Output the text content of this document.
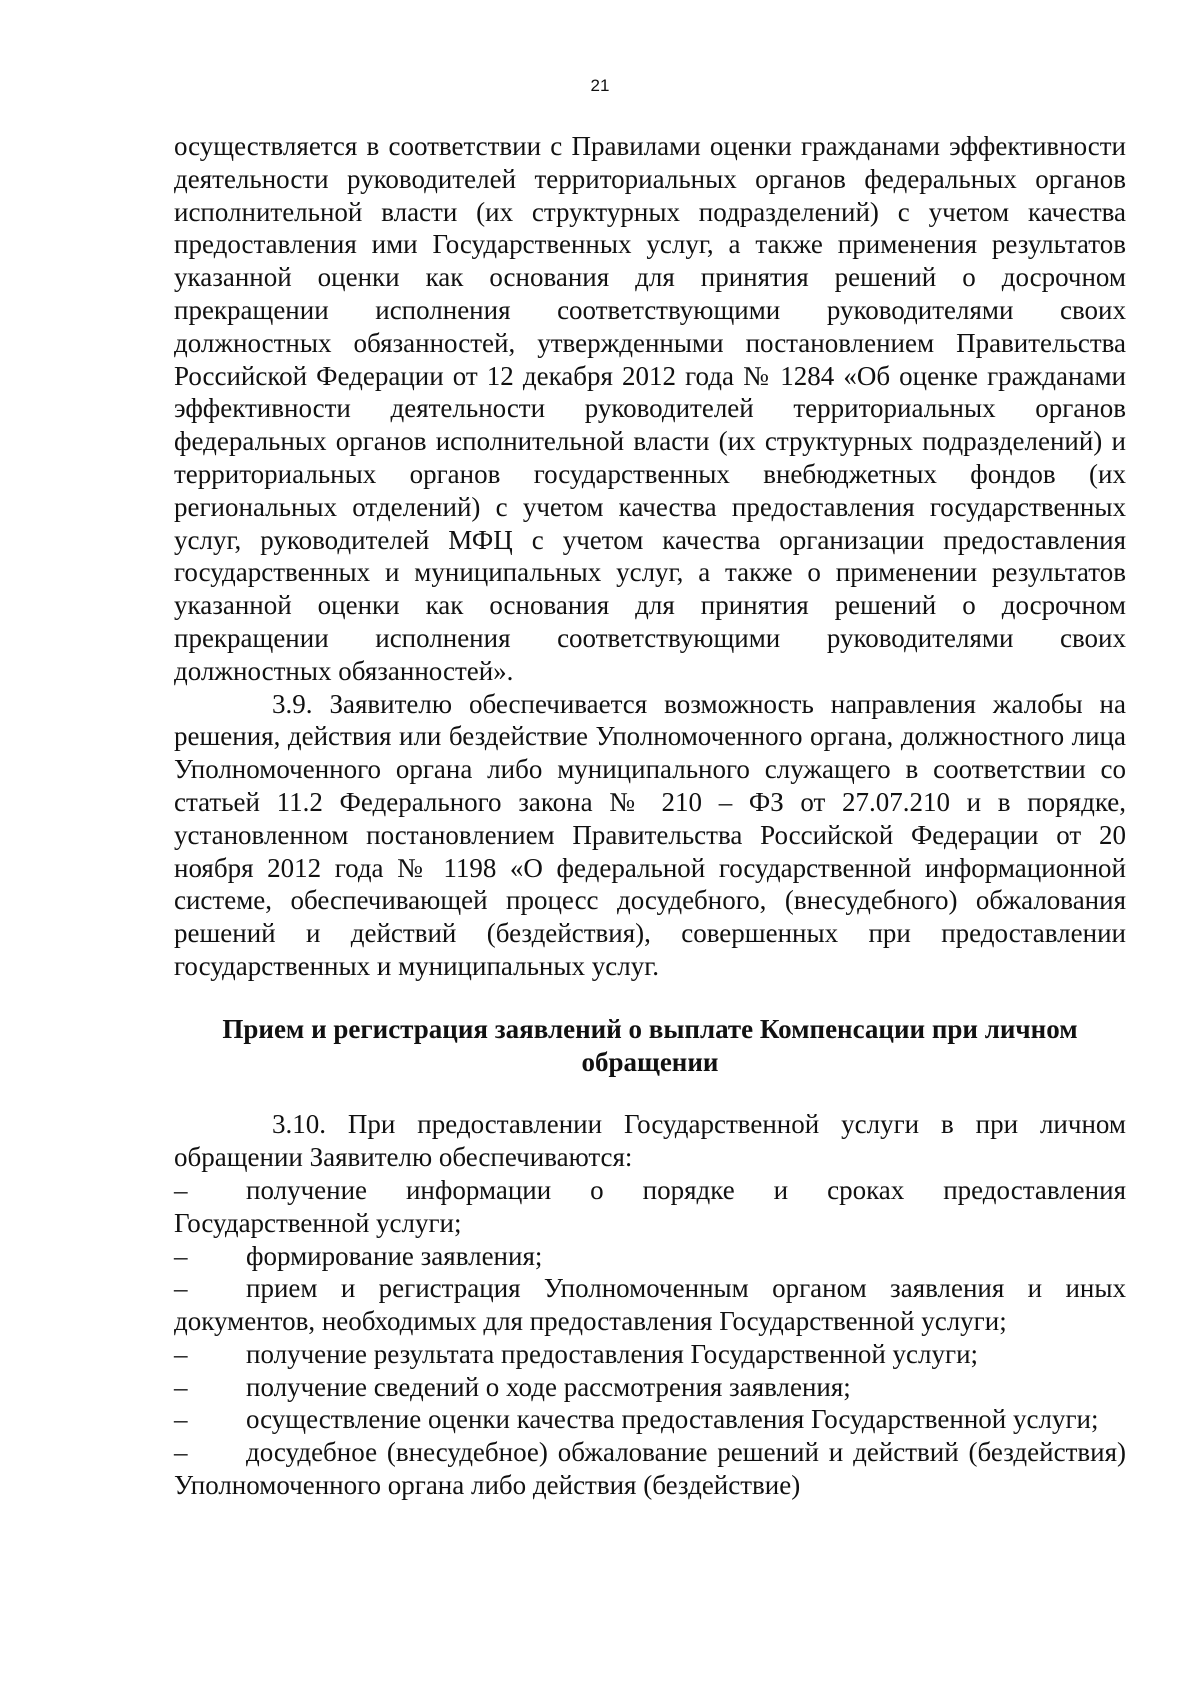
21

осуществляется в соответствии с Правилами оценки гражданами эффективности деятельности руководителей территориальных органов федеральных органов исполнительной власти (их структурных подразделений) с учетом качества предоставления ими Государственных услуг, а также применения результатов указанной оценки как основания для принятия решений о досрочном прекращении исполнения соответствующими руководителями своих должностных обязанностей, утвержденными постановлением Правительства Российской Федерации от 12 декабря 2012 года № 1284 «Об оценке гражданами эффективности деятельности руководителей территориальных органов федеральных органов исполнительной власти (их структурных подразделений) и территориальных органов государственных внебюджетных фондов (их региональных отделений) с учетом качества предоставления государственных услуг, руководителей МФЦ с учетом качества организации предоставления государственных и муниципальных услуг, а также о применении результатов указанной оценки как основания для принятия решений о досрочном прекращении исполнения соответствующими руководителями своих должностных обязанностей».

3.9. Заявителю обеспечивается возможность направления жалобы на решения, действия или бездействие Уполномоченного органа, должностного лица Уполномоченного органа либо муниципального служащего в соответствии со статьей 11.2 Федерального закона № 210 – ФЗ от 27.07.210 и в порядке, установленном постановлением Правительства Российской Федерации от 20 ноября 2012 года № 1198 «О федеральной государственной информационной системе, обеспечивающей процесс досудебного, (внесудебного) обжалования решений и действий (бездействия), совершенных при предоставлении государственных и муниципальных услуг.

Прием и регистрация заявлений о выплате Компенсации при личном обращении

3.10. При предоставлении Государственной услуги в при личном обращении Заявителю обеспечиваются:

– получение информации о порядке и сроках предоставления Государственной услуги;

– формирование заявления;

– прием и регистрация Уполномоченным органом заявления и иных документов, необходимых для предоставления Государственной услуги;

– получение результата предоставления Государственной услуги;

– получение сведений о ходе рассмотрения заявления;

– осуществление оценки качества предоставления Государственной услуги;

– досудебное (внесудебное) обжалование решений и действий (бездействия) Уполномоченного органа либо действия (бездействие)
